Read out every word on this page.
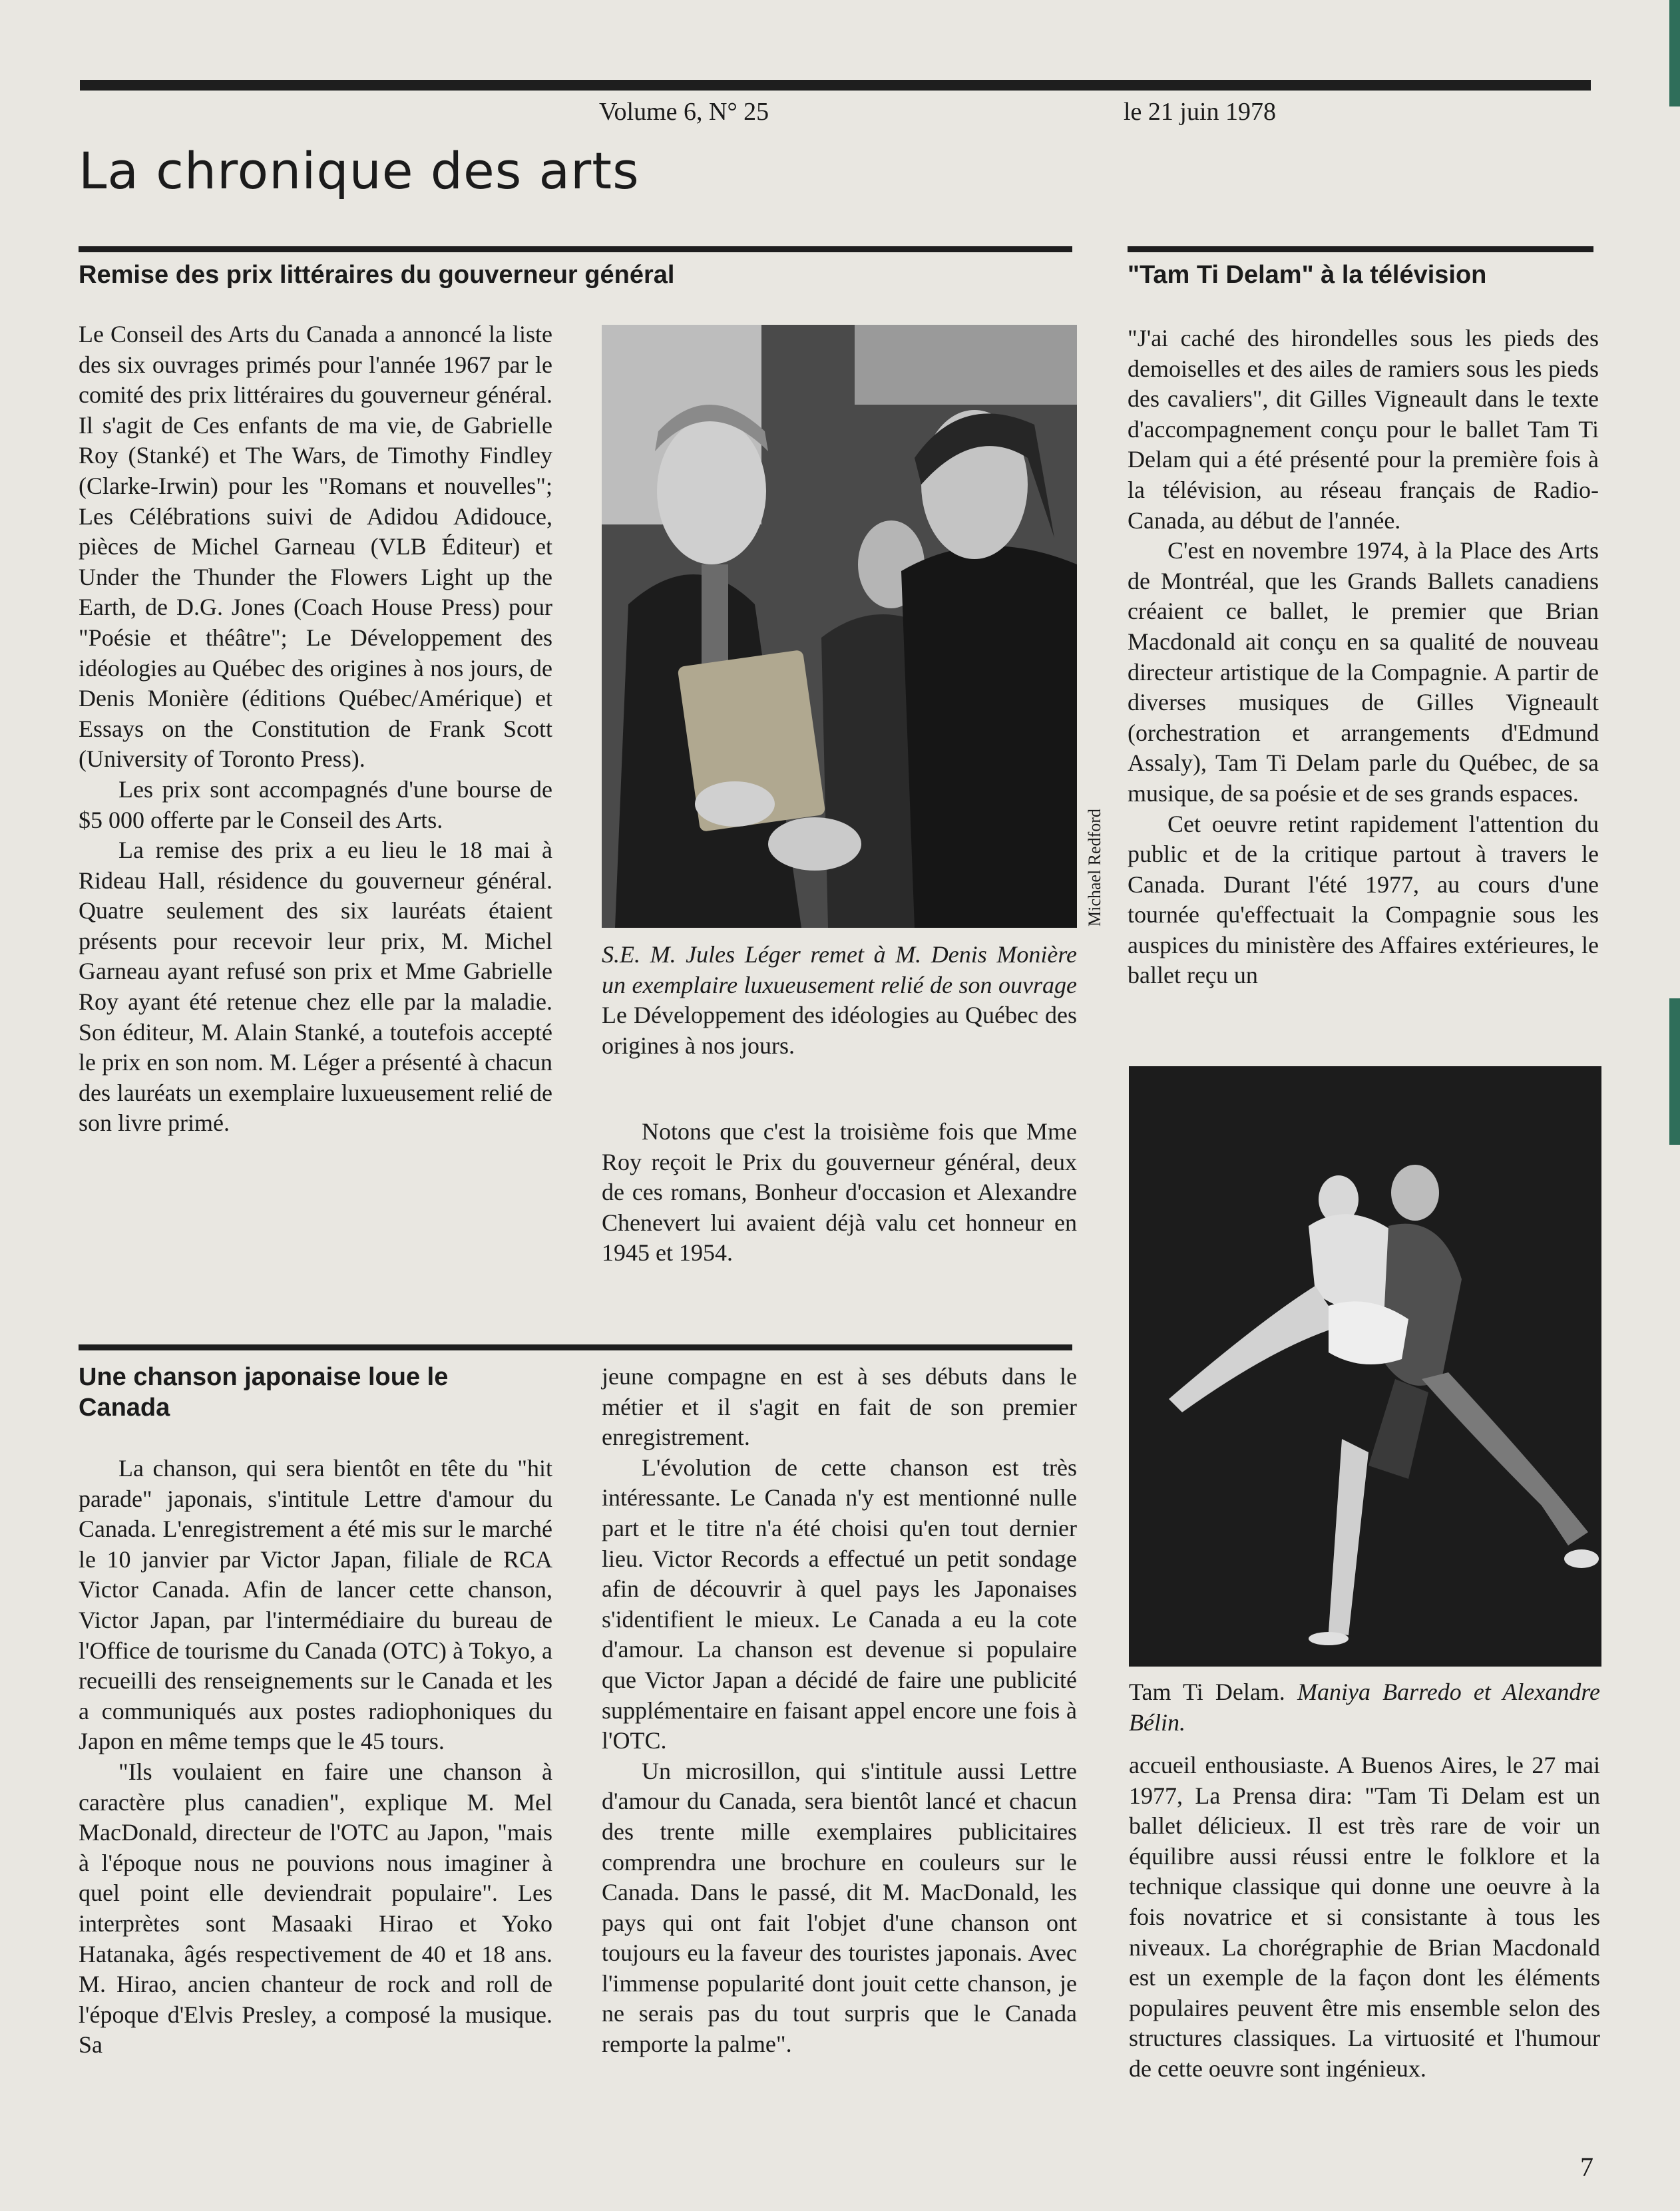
Volume 6, N° 25	le 21 juin 1978
La chronique des arts
Remise des prix littéraires du gouverneur général

Le Conseil des Arts du Canada a annoncé la liste des six ouvrages primés pour l'année 1967 par le comité des prix littéraires du gouverneur général. Il s'agit de Ces enfants de ma vie, de Gabrielle Roy (Stanké) et The Wars, de Timothy Findley (Clarke-Irwin) pour les "Romans et nouvelles"; Les Célébrations suivi de Adidou Adidouce, pièces de Michel Garneau (VLB Éditeur) et Under the Thunder the Flowers Light up the Earth, de D.G. Jones (Coach House Press) pour "Poésie et théâtre"; Le Développement des idéologies au Québec des origines à nos jours, de Denis Monière (éditions Québec/Amérique) et Essays on the Constitution de Frank Scott (University of Toronto Press).

Les prix sont accompagnés d'une bourse de $5 000 offerte par le Conseil des Arts.

La remise des prix a eu lieu le 18 mai à Rideau Hall, résidence du gouverneur général. Quatre seulement des six lauréats étaient présents pour recevoir leur prix, M. Michel Garneau ayant refusé son prix et Mme Gabrielle Roy ayant été retenue chez elle par la maladie. Son éditeur, M. Alain Stanké, a toutefois accepté le prix en son nom. M. Léger a présenté à chacun des lauréats un exemplaire luxueusement relié de son livre primé.

Michael Redford
S.E. M. Jules Léger remet à M. Denis Monière un exemplaire luxueusement relié de son ouvrage Le Développement des idéologies au Québec des origines à nos jours.

Notons que c'est la troisième fois que Mme Roy reçoit le Prix du gouverneur général, deux de ces romans, Bonheur d'occasion et Alexandre Chenevert lui avaient déjà valu cet honneur en 1945 et 1954.

Une chanson japonaise loue le Canada

La chanson, qui sera bientôt en tête du "hit parade" japonais, s'intitule Lettre d'amour du Canada. L'enregistrement a été mis sur le marché le 10 janvier par Victor Japan, filiale de RCA Victor Canada. Afin de lancer cette chanson, Victor Japan, par l'intermédiaire du bureau de l'Office de tourisme du Canada (OTC) à Tokyo, a recueilli des renseignements sur le Canada et les a communiqués aux postes radiophoniques du Japon en même temps que le 45 tours.

"Ils voulaient en faire une chanson à caractère plus canadien", explique M. Mel MacDonald, directeur de l'OTC au Japon, "mais à l'époque nous ne pouvions nous imaginer à quel point elle deviendrait populaire". Les interprètes sont Masaaki Hirao et Yoko Hatanaka, âgés respectivement de 40 et 18 ans. M. Hirao, ancien chanteur de rock and roll de l'époque d'Elvis Presley, a composé la musique. Sa

jeune compagne en est à ses débuts dans le métier et il s'agit en fait de son premier enregistrement.

L'évolution de cette chanson est très intéressante. Le Canada n'y est mentionné nulle part et le titre n'a été choisi qu'en tout dernier lieu. Victor Records a effectué un petit sondage afin de découvrir à quel pays les Japonaises s'identifient le mieux. Le Canada a eu la cote d'amour. La chanson est devenue si populaire que Victor Japan a décidé de faire une publicité supplémentaire en faisant appel encore une fois à l'OTC.

Un microsillon, qui s'intitule aussi Lettre d'amour du Canada, sera bientôt lancé et chacun des trente mille exemplaires publicitaires comprendra une brochure en couleurs sur le Canada. Dans le passé, dit M. MacDonald, les pays qui ont fait l'objet d'une chanson ont toujours eu la faveur des touristes japonais. Avec l'immense popularité dont jouit cette chanson, je ne serais pas du tout surpris que le Canada remporte la palme".

"Tam Ti Delam" à la télévision

"J'ai caché des hirondelles sous les pieds des demoiselles et des ailes de ramiers sous les pieds des cavaliers", dit Gilles Vigneault dans le texte d'accompagnement conçu pour le ballet Tam Ti Delam qui a été présenté pour la première fois à la télévision, au réseau français de Radio-Canada, au début de l'année.

C'est en novembre 1974, à la Place des Arts de Montréal, que les Grands Ballets canadiens créaient ce ballet, le premier que Brian Macdonald ait conçu en sa qualité de nouveau directeur artistique de la Compagnie. A partir de diverses musiques de Gilles Vigneault (orchestration et arrangements d'Edmund Assaly), Tam Ti Delam parle du Québec, de sa musique, de sa poésie et de ses grands espaces.

Cet oeuvre retint rapidement l'attention du public et de la critique partout à travers le Canada. Durant l'été 1977, au cours d'une tournée qu'effectuait la Compagnie sous les auspices du ministère des Affaires extérieures, le ballet reçu un

Tam Ti Delam. Maniya Barredo et Alexandre Bélin.

accueil enthousiaste. A Buenos Aires, le 27 mai 1977, La Prensa dira: "Tam Ti Delam est un ballet délicieux. Il est très rare de voir un équilibre aussi réussi entre le folklore et la technique classique qui donne une oeuvre à la fois novatrice et si consistante à tous les niveaux. La chorégraphie de Brian Macdonald est un exemple de la façon dont les éléments populaires peuvent être mis ensemble selon des structures classiques. La virtuosité et l'humour de cette oeuvre sont ingénieux.

7
